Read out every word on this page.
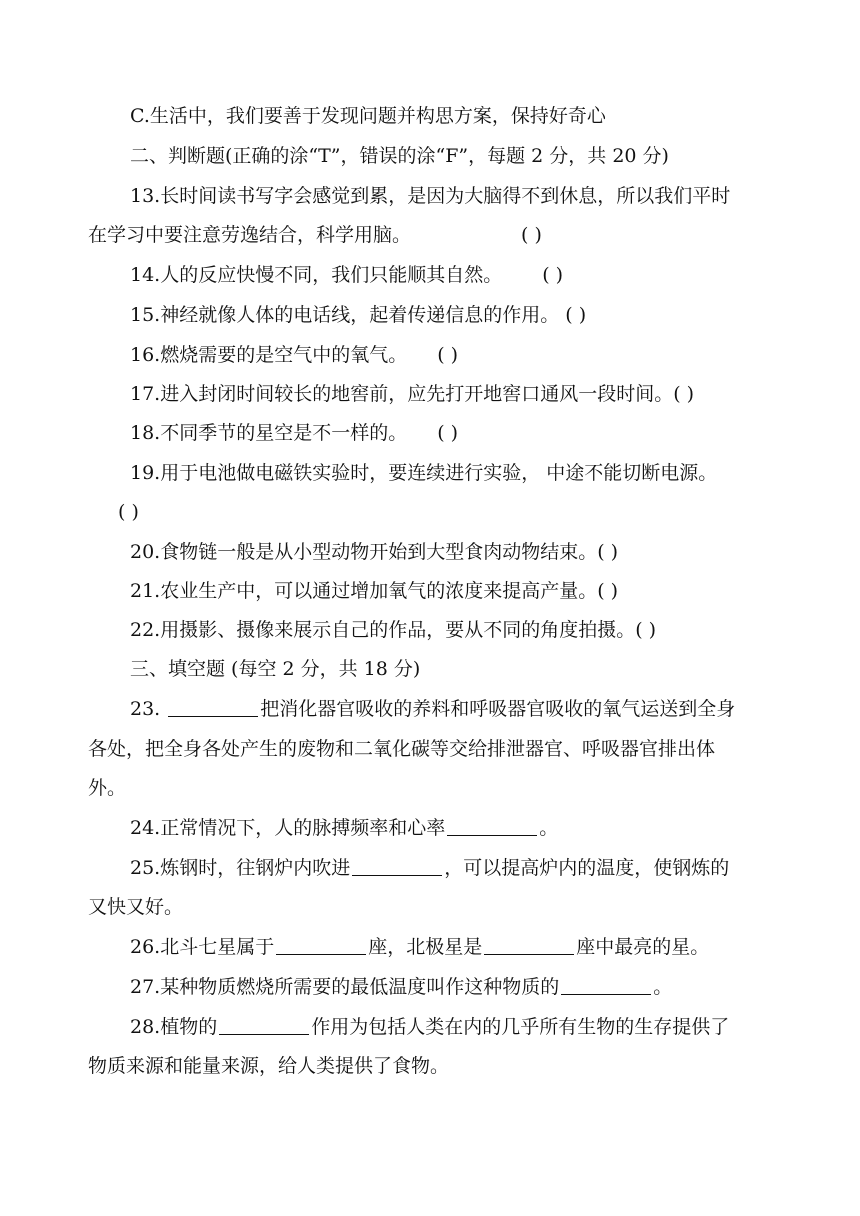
C.生活中，我们要善于发现问题并构思方案，保持好奇心
二、判断题(正确的涂“T”，错误的涂“F”，每题 2 分，共 20 分)
13.长时间读书写字会感觉到累，是因为大脑得不到休息，所以我们平时
在学习中要注意劳逸结合，科学用脑。	( )
14.人的反应快慢不同，我们只能顺其自然。 ( )
15.神经就像人体的电话线，起着传递信息的作用。 ( )
16.燃烧需要的是空气中的氧气。 ( )
17.进入封闭时间较长的地窖前，应先打开地窖口通风一段时间。( )
18.不同季节的星空是不一样的。 ( )
19.用于电池做电磁铁实验时，要连续进行实验， 中途不能切断电源。
( )
20.食物链一般是从小型动物开始到大型食肉动物结束。( )
21.农业生产中，可以通过增加氧气的浓度来提高产量。( )
22.用摄影、摄像来展示自己的作品，要从不同的角度拍摄。( )
三、填空题 (每空 2 分，共 18 分)
23.	把消化器官吸收的养料和呼吸器官吸收的氧气运送到全身
各处，把全身各处产生的废物和二氧化碳等交给排泄器官、呼吸器官排出体
外。
24.正常情况下，人的脉搏频率和心率	。
25.炼钢时，往钢炉内吹进	，可以提高炉内的温度，使钢炼的
又快又好。
26.北斗七星属于	座，北极星是	座中最亮的星。
27.某种物质燃烧所需要的最低温度叫作这种物质的	。
28.植物的	作用为包括人类在内的几乎所有生物的生存提供了
物质来源和能量来源，给人类提供了食物。
